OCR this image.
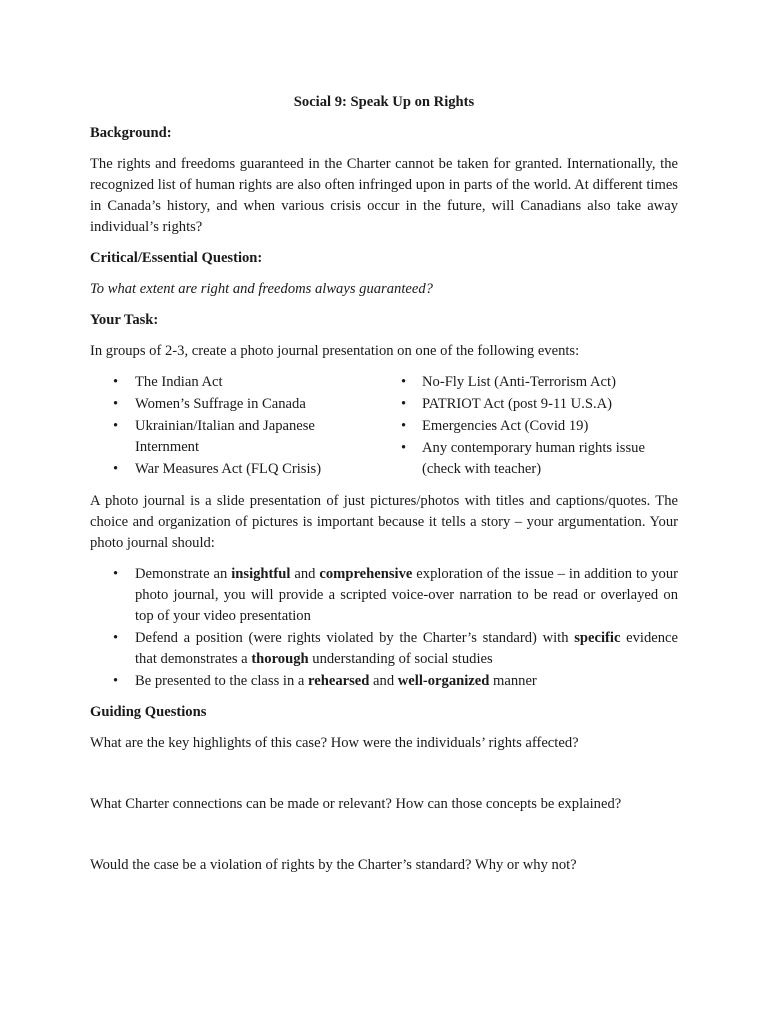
Social 9: Speak Up on Rights

Background:

The rights and freedoms guaranteed in the Charter cannot be taken for granted. Internationally, the recognized list of human rights are also often infringed upon in parts of the world. At different times in Canada’s history, and when various crisis occur in the future, will Canadians also take away individual’s rights?

Critical/Essential Question:

To what extent are right and freedoms always guaranteed?

Your Task:

In groups of 2-3, create a photo journal presentation on one of the following events:

• The Indian Act
• Women’s Suffrage in Canada
• Ukrainian/Italian and Japanese Internment
• War Measures Act (FLQ Crisis)
• No-Fly List (Anti-Terrorism Act)
• PATRIOT Act (post 9-11 U.S.A)
• Emergencies Act (Covid 19)
• Any contemporary human rights issue (check with teacher)

A photo journal is a slide presentation of just pictures/photos with titles and captions/quotes. The choice and organization of pictures is important because it tells a story – your argumentation. Your photo journal should:

• Demonstrate an insightful and comprehensive exploration of the issue – in addition to your photo journal, you will provide a scripted voice-over narration to be read or overlayed on top of your video presentation
• Defend a position (were rights violated by the Charter’s standard) with specific evidence that demonstrates a thorough understanding of social studies
• Be presented to the class in a rehearsed and well-organized manner

Guiding Questions

What are the key highlights of this case? How were the individuals’ rights affected?

What Charter connections can be made or relevant? How can those concepts be explained?

Would the case be a violation of rights by the Charter’s standard? Why or why not?
